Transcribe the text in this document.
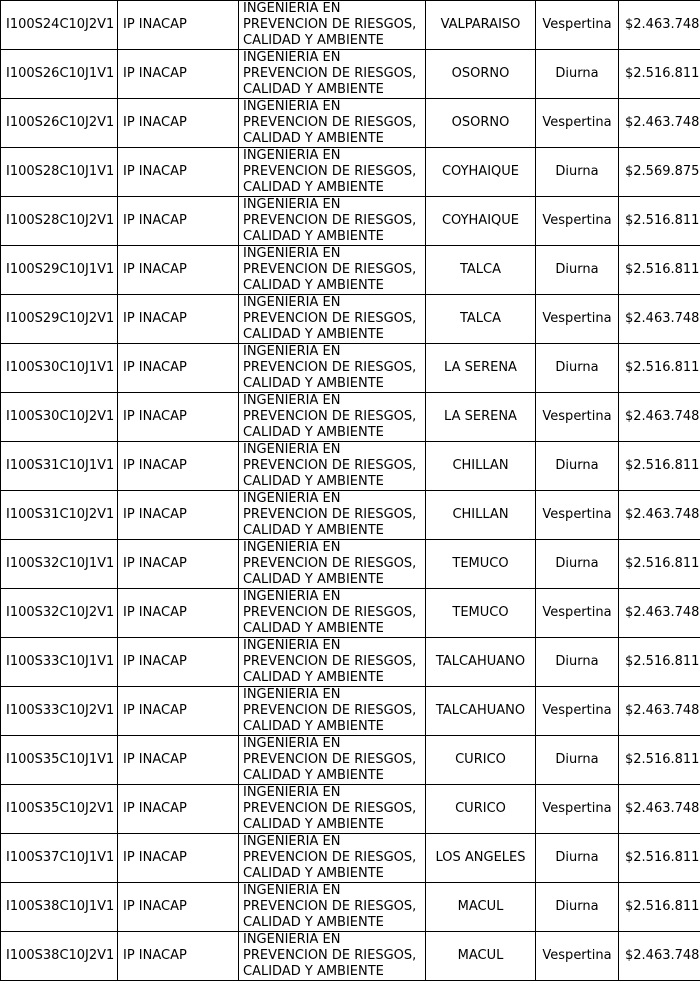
I100S24C10J2V1	IP INACAP	INGENIERIA EN PREVENCION DE RIESGOS, CALIDAD Y AMBIENTE	VALPARAISO	Vespertina	$2.463.748
I100S26C10J1V1	IP INACAP	INGENIERIA EN PREVENCION DE RIESGOS, CALIDAD Y AMBIENTE	OSORNO	Diurna	$2.516.811
I100S26C10J2V1	IP INACAP	INGENIERIA EN PREVENCION DE RIESGOS, CALIDAD Y AMBIENTE	OSORNO	Vespertina	$2.463.748
I100S28C10J1V1	IP INACAP	INGENIERIA EN PREVENCION DE RIESGOS, CALIDAD Y AMBIENTE	COYHAIQUE	Diurna	$2.569.875
I100S28C10J2V1	IP INACAP	INGENIERIA EN PREVENCION DE RIESGOS, CALIDAD Y AMBIENTE	COYHAIQUE	Vespertina	$2.516.811
I100S29C10J1V1	IP INACAP	INGENIERIA EN PREVENCION DE RIESGOS, CALIDAD Y AMBIENTE	TALCA	Diurna	$2.516.811
I100S29C10J2V1	IP INACAP	INGENIERIA EN PREVENCION DE RIESGOS, CALIDAD Y AMBIENTE	TALCA	Vespertina	$2.463.748
I100S30C10J1V1	IP INACAP	INGENIERIA EN PREVENCION DE RIESGOS, CALIDAD Y AMBIENTE	LA SERENA	Diurna	$2.516.811
I100S30C10J2V1	IP INACAP	INGENIERIA EN PREVENCION DE RIESGOS, CALIDAD Y AMBIENTE	LA SERENA	Vespertina	$2.463.748
I100S31C10J1V1	IP INACAP	INGENIERIA EN PREVENCION DE RIESGOS, CALIDAD Y AMBIENTE	CHILLAN	Diurna	$2.516.811
I100S31C10J2V1	IP INACAP	INGENIERIA EN PREVENCION DE RIESGOS, CALIDAD Y AMBIENTE	CHILLAN	Vespertina	$2.463.748
I100S32C10J1V1	IP INACAP	INGENIERIA EN PREVENCION DE RIESGOS, CALIDAD Y AMBIENTE	TEMUCO	Diurna	$2.516.811
I100S32C10J2V1	IP INACAP	INGENIERIA EN PREVENCION DE RIESGOS, CALIDAD Y AMBIENTE	TEMUCO	Vespertina	$2.463.748
I100S33C10J1V1	IP INACAP	INGENIERIA EN PREVENCION DE RIESGOS, CALIDAD Y AMBIENTE	TALCAHUANO	Diurna	$2.516.811
I100S33C10J2V1	IP INACAP	INGENIERIA EN PREVENCION DE RIESGOS, CALIDAD Y AMBIENTE	TALCAHUANO	Vespertina	$2.463.748
I100S35C10J1V1	IP INACAP	INGENIERIA EN PREVENCION DE RIESGOS, CALIDAD Y AMBIENTE	CURICO	Diurna	$2.516.811
I100S35C10J2V1	IP INACAP	INGENIERIA EN PREVENCION DE RIESGOS, CALIDAD Y AMBIENTE	CURICO	Vespertina	$2.463.748
I100S37C10J1V1	IP INACAP	INGENIERIA EN PREVENCION DE RIESGOS, CALIDAD Y AMBIENTE	LOS ANGELES	Diurna	$2.516.811
I100S38C10J1V1	IP INACAP	INGENIERIA EN PREVENCION DE RIESGOS, CALIDAD Y AMBIENTE	MACUL	Diurna	$2.516.811
I100S38C10J2V1	IP INACAP	INGENIERIA EN PREVENCION DE RIESGOS, CALIDAD Y AMBIENTE	MACUL	Vespertina	$2.463.748
